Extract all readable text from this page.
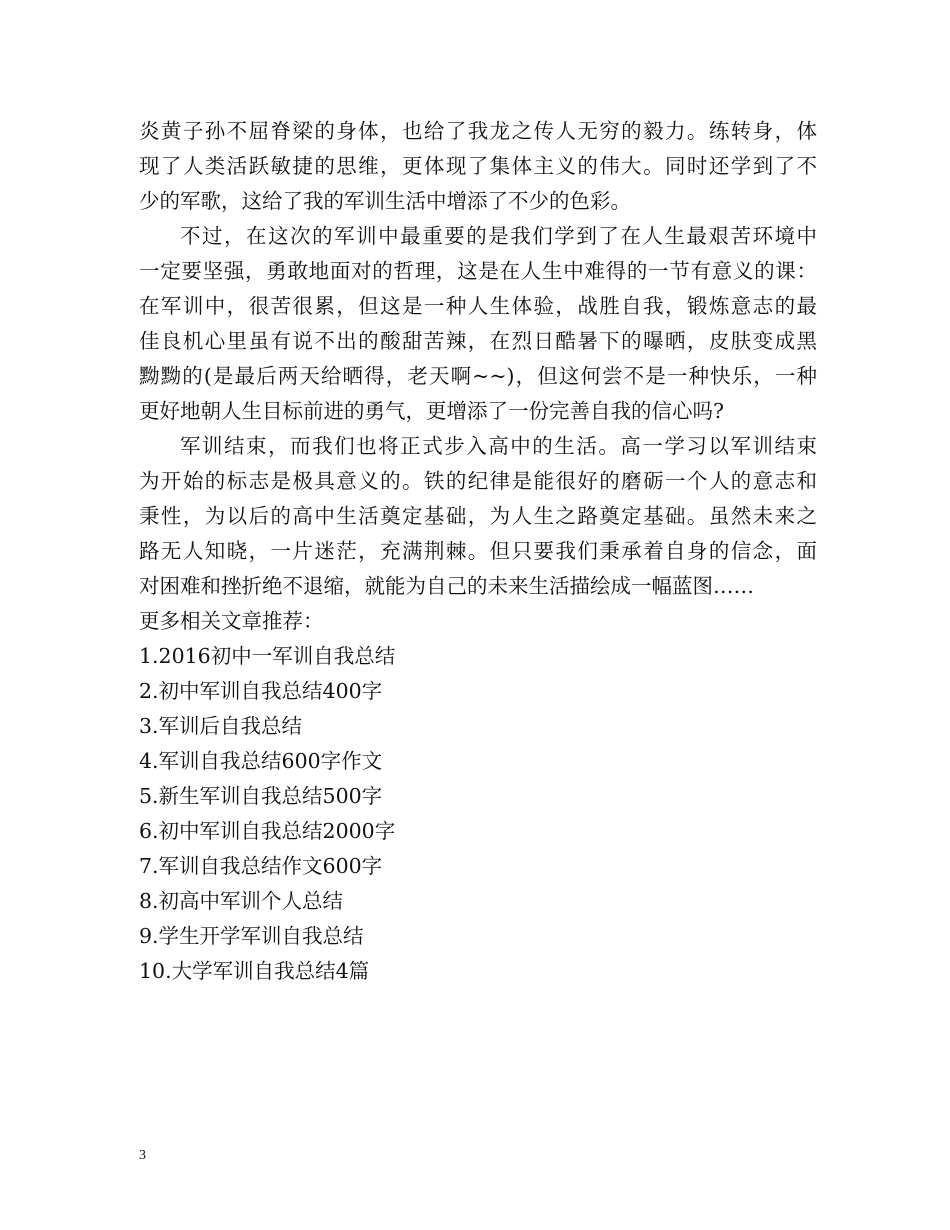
炎黄子孙不屈脊梁的身体，也给了我龙之传人无穷的毅力。练转身，体
现了人类活跃敏捷的思维，更体现了集体主义的伟大。同时还学到了不
少的军歌，这给了我的军训生活中增添了不少的色彩。
不过，在这次的军训中最重要的是我们学到了在人生最艰苦环境中
一定要坚强，勇敢地面对的哲理，这是在人生中难得的一节有意义的课：
在军训中，很苦很累，但这是一种人生体验，战胜自我，锻炼意志的最
佳良机心里虽有说不出的酸甜苦辣，在烈日酷暑下的曝晒，皮肤变成黑
黝黝的(是最后两天给晒得，老天啊~~)，但这何尝不是一种快乐，一种
更好地朝人生目标前进的勇气，更增添了一份完善自我的信心吗?
军训结束，而我们也将正式步入高中的生活。高一学习以军训结束
为开始的标志是极具意义的。铁的纪律是能很好的磨砺一个人的意志和
秉性，为以后的高中生活奠定基础，为人生之路奠定基础。虽然未来之
路无人知晓，一片迷茫，充满荆棘。但只要我们秉承着自身的信念，面
对困难和挫折绝不退缩，就能为自己的未来生活描绘成一幅蓝图……
更多相关文章推荐：
1.2016初中一军训自我总结
2.初中军训自我总结400字
3.军训后自我总结
4.军训自我总结600字作文
5.新生军训自我总结500字
6.初中军训自我总结2000字
7.军训自我总结作文600字
8.初高中军训个人总结
9.学生开学军训自我总结
10.大学军训自我总结4篇
3
